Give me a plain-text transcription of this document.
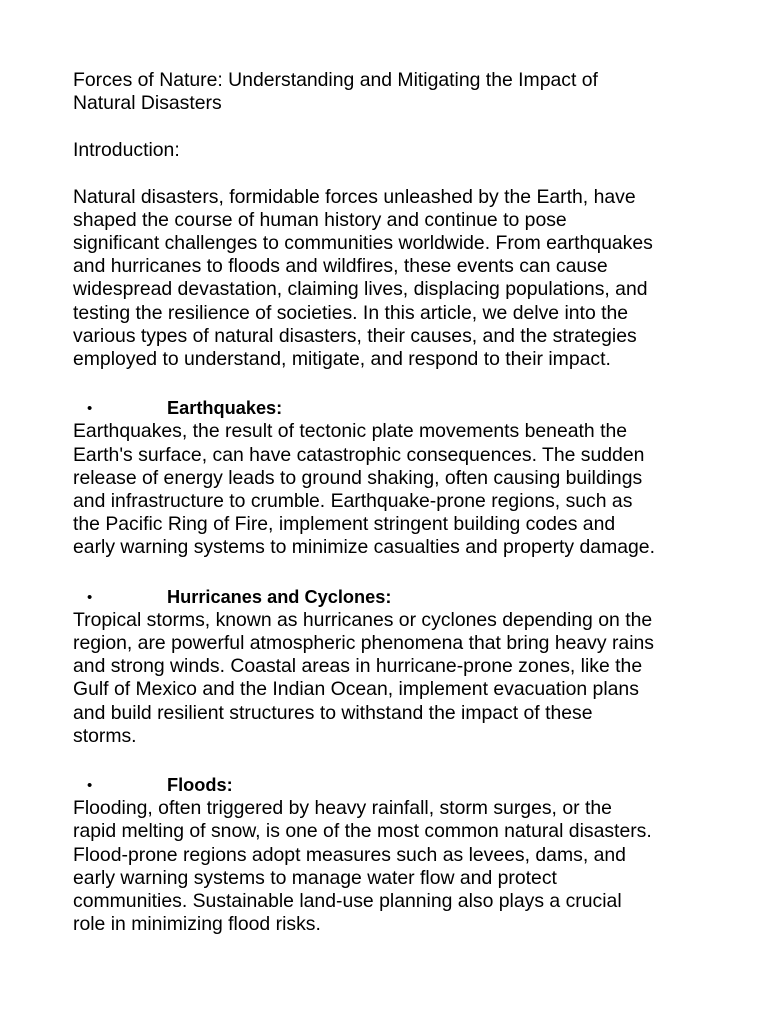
Forces of Nature: Understanding and Mitigating the Impact of
Natural Disasters

Introduction:

Natural disasters, formidable forces unleashed by the Earth, have
shaped the course of human history and continue to pose
significant challenges to communities worldwide. From earthquakes
and hurricanes to floods and wildfires, these events can cause
widespread devastation, claiming lives, displacing populations, and
testing the resilience of societies. In this article, we delve into the
various types of natural disasters, their causes, and the strategies
employed to understand, mitigate, and respond to their impact.

•	Earthquakes:

Earthquakes, the result of tectonic plate movements beneath the
Earth's surface, can have catastrophic consequences. The sudden
release of energy leads to ground shaking, often causing buildings
and infrastructure to crumble. Earthquake-prone regions, such as
the Pacific Ring of Fire, implement stringent building codes and
early warning systems to minimize casualties and property damage.

•	Hurricanes and Cyclones:

Tropical storms, known as hurricanes or cyclones depending on the
region, are powerful atmospheric phenomena that bring heavy rains
and strong winds. Coastal areas in hurricane-prone zones, like the
Gulf of Mexico and the Indian Ocean, implement evacuation plans
and build resilient structures to withstand the impact of these
storms.

•	Floods:

Flooding, often triggered by heavy rainfall, storm surges, or the
rapid melting of snow, is one of the most common natural disasters.
Flood-prone regions adopt measures such as levees, dams, and
early warning systems to manage water flow and protect
communities. Sustainable land-use planning also plays a crucial
role in minimizing flood risks.
